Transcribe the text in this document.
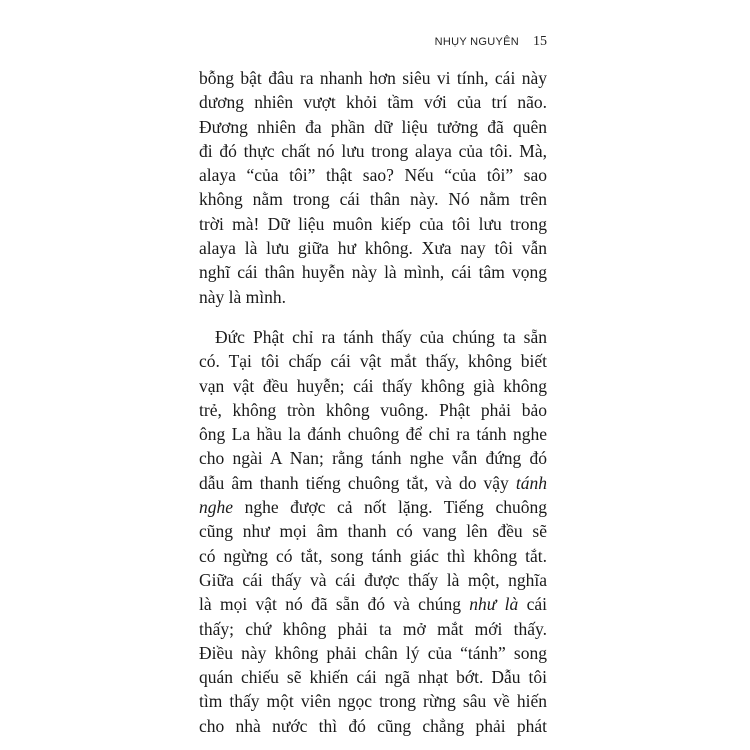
NHỤY NGUYÊN 15
bỗng bật đâu ra nhanh hơn siêu vi tính, cái này
dương nhiên vượt khỏi tầm với của trí não.
Đương nhiên đa phần dữ liệu tưởng đã quên
đi đó thực chất nó lưu trong alaya của tôi. Mà,
alaya “của tôi” thật sao? Nếu “của tôi” sao
không nằm trong cái thân này. Nó nằm trên
trời mà! Dữ liệu muôn kiếp của tôi lưu trong
alaya là lưu giữa hư không. Xưa nay tôi vẫn
nghĩ cái thân huyễn này là mình, cái tâm vọng
này là mình.
Đức Phật chỉ ra tánh thấy của chúng ta sẵn
có. Tại tôi chấp cái vật mắt thấy, không biết
vạn vật đều huyễn; cái thấy không già không
trẻ, không tròn không vuông. Phật phải bảo
ông La hầu la đánh chuông để chỉ ra tánh nghe
cho ngài A Nan; rằng tánh nghe vẫn đứng đó
dẫu âm thanh tiếng chuông tắt, và do vậy tánh
nghe nghe được cả nốt lặng. Tiếng chuông
cũng như mọi âm thanh có vang lên đều sẽ
có ngừng có tắt, song tánh giác thì không tắt.
Giữa cái thấy và cái được thấy là một, nghĩa
là mọi vật nó đã sẵn đó và chúng như là cái
thấy; chứ không phải ta mở mắt mới thấy.
Điều này không phải chân lý của “tánh” song
quán chiếu sẽ khiến cái ngã nhạt bớt. Dẫu tôi
tìm thấy một viên ngọc trong rừng sâu về hiến
cho nhà nước thì đó cũng chẳng phải phát
